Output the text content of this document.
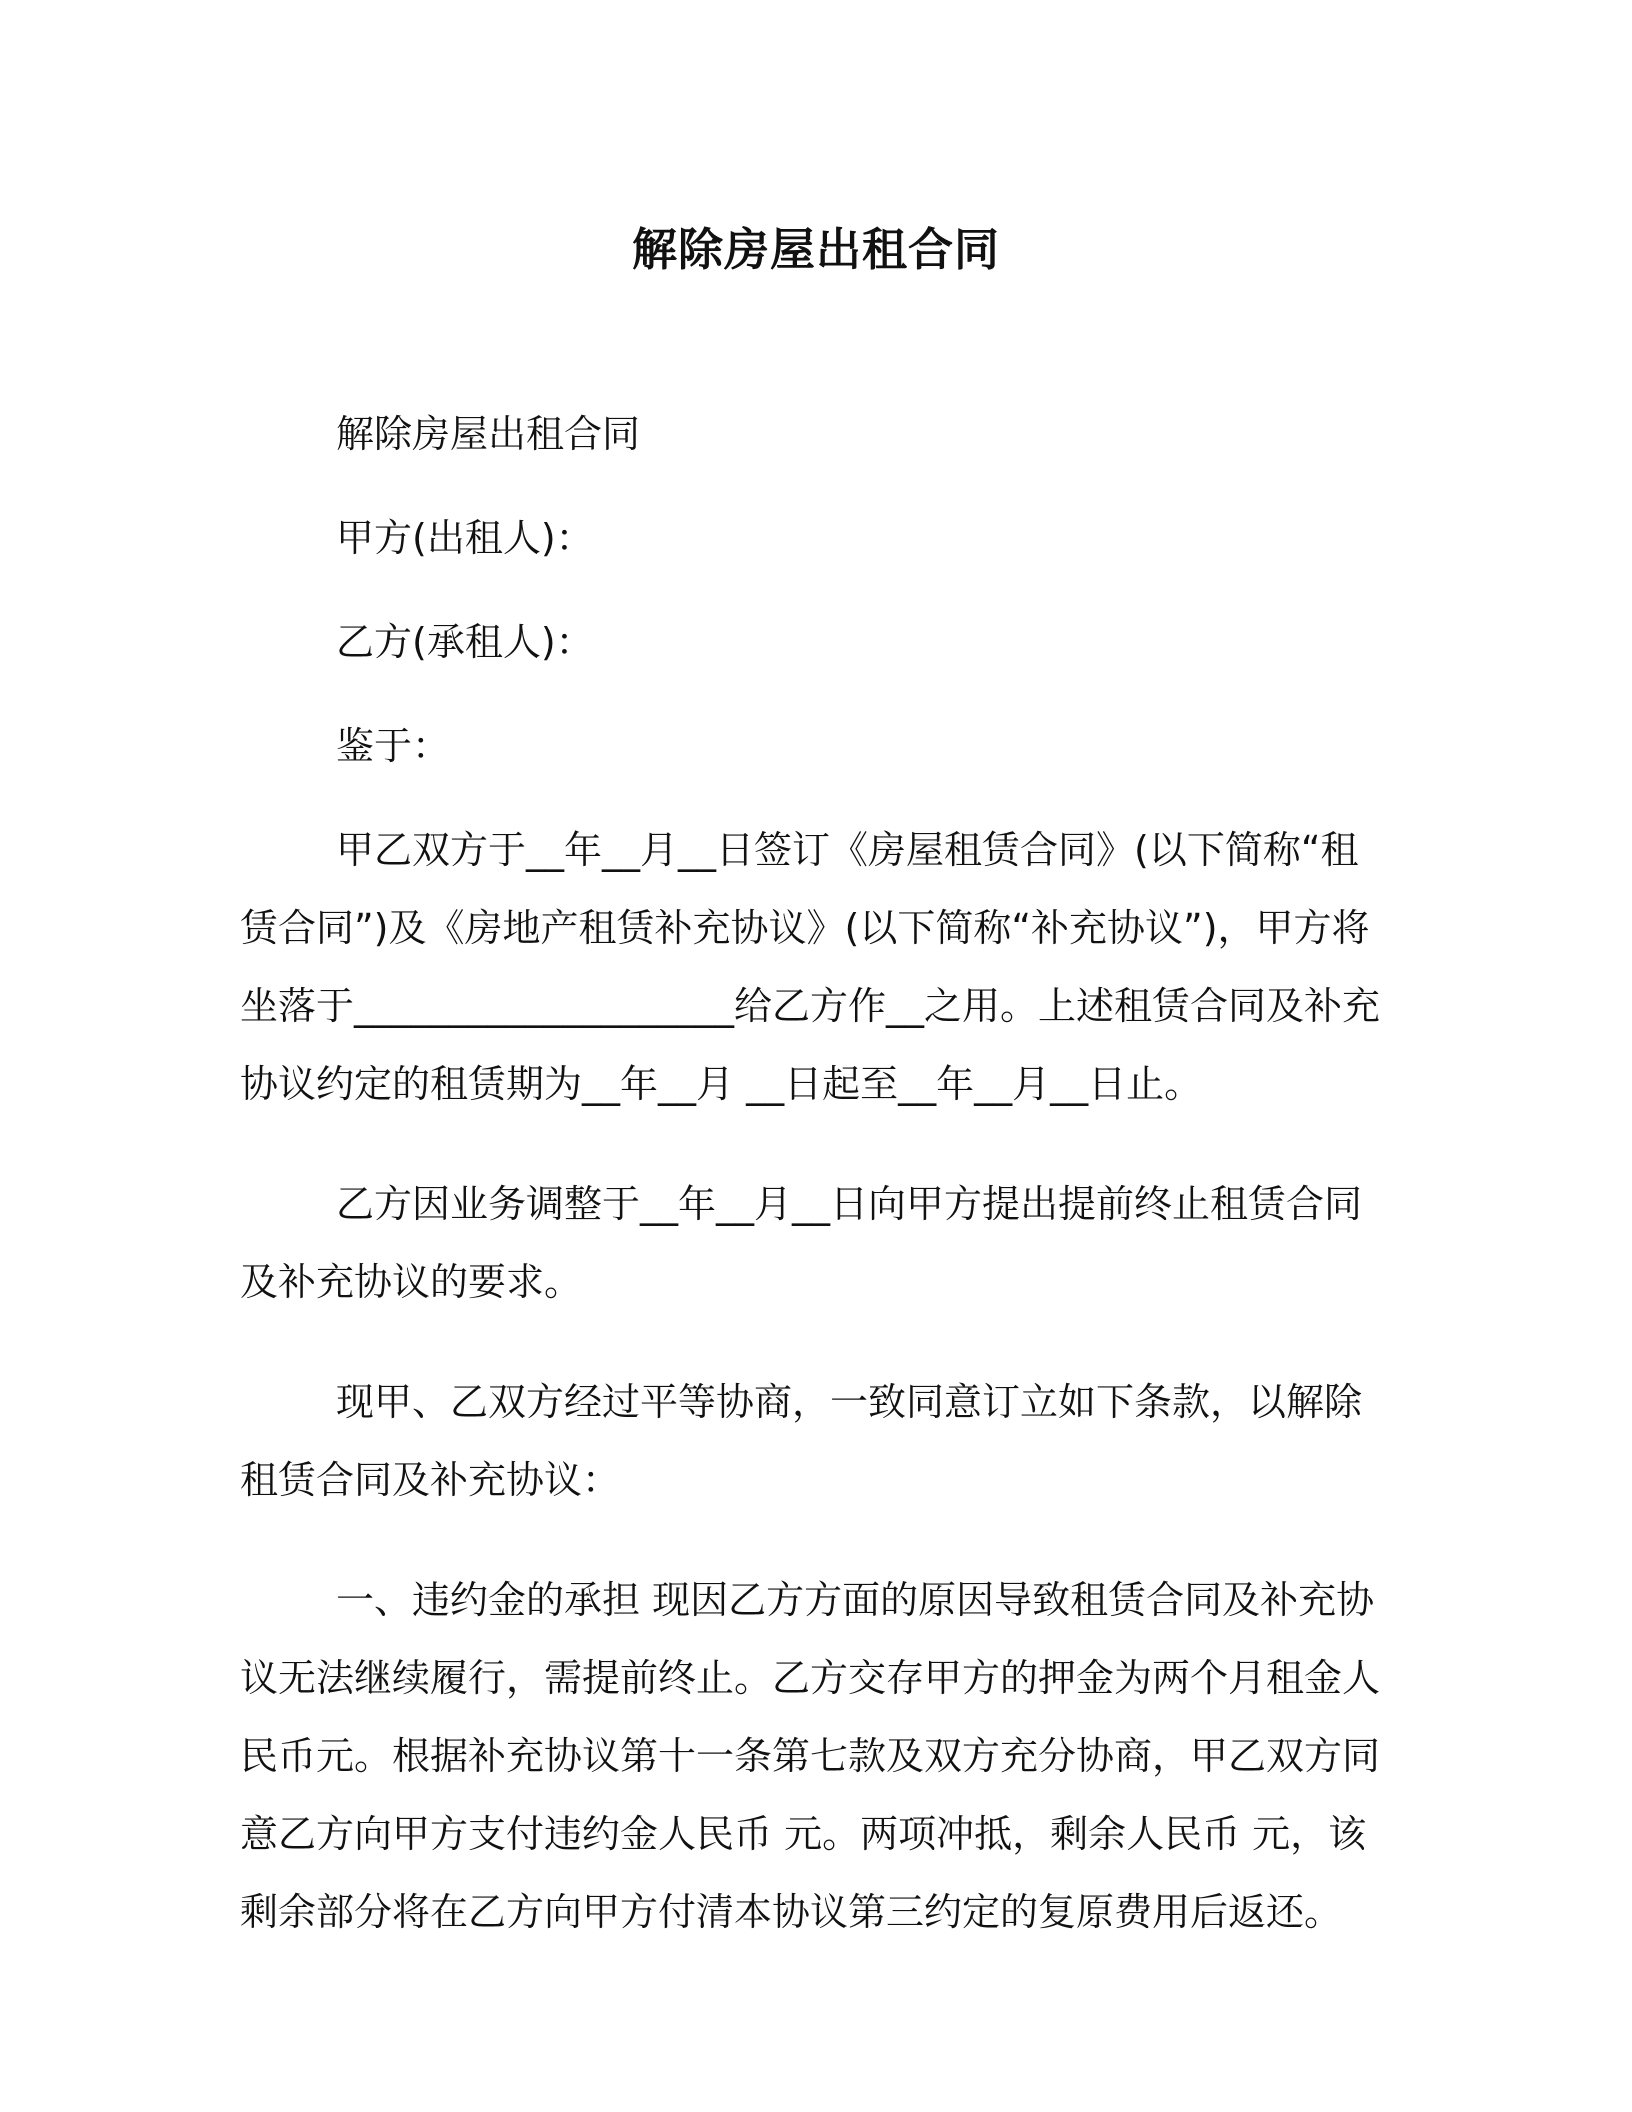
解除房屋出租合同

解除房屋出租合同

甲方(出租人)：

乙方(承租人)：

鉴于：

甲乙双方于__年__月__日签订《房屋租赁合同》(以下简称“租赁合同”)及《房地产租赁补充协议》(以下简称“补充协议”)，甲方将坐落于____________________给乙方作__之用。上述租赁合同及补充协议约定的租赁期为__年__月 __日起至__年__月__日止。

乙方因业务调整于__年__月__日向甲方提出提前终止租赁合同及补充协议的要求。

现甲、乙双方经过平等协商，一致同意订立如下条款，以解除租赁合同及补充协议：

一、违约金的承担 现因乙方方面的原因导致租赁合同及补充协议无法继续履行，需提前终止。乙方交存甲方的押金为两个月租金人民币元。根据补充协议第十一条第七款及双方充分协商，甲乙双方同意乙方向甲方支付违约金人民币 元。两项冲抵，剩余人民币 元，该剩余部分将在乙方向甲方付清本协议第三约定的复原费用后返还。
